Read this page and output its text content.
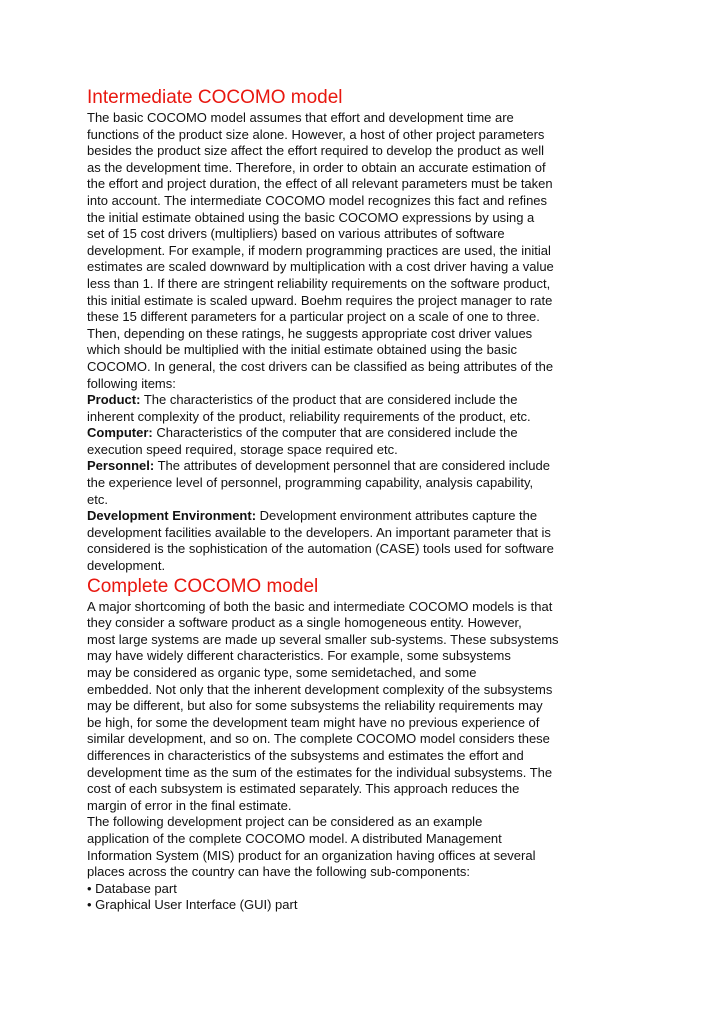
Intermediate COCOMO model
The basic COCOMO model assumes that effort and development time are
functions of the product size alone. However, a host of other project parameters
besides the product size affect the effort required to develop the product as well
as the development time. Therefore, in order to obtain an accurate estimation of
the effort and project duration, the effect of all relevant parameters must be taken
into account. The intermediate COCOMO model recognizes this fact and refines
the initial estimate obtained using the basic COCOMO expressions by using a
set of 15 cost drivers (multipliers) based on various attributes of software
development. For example, if modern programming practices are used, the initial
estimates are scaled downward by multiplication with a cost driver having a value
less than 1. If there are stringent reliability requirements on the software product,
this initial estimate is scaled upward. Boehm requires the project manager to rate
these 15 different parameters for a particular project on a scale of one to three.
Then, depending on these ratings, he suggests appropriate cost driver values
which should be multiplied with the initial estimate obtained using the basic
COCOMO. In general, the cost drivers can be classified as being attributes of the
following items:
Product: The characteristics of the product that are considered include the
inherent complexity of the product, reliability requirements of the product, etc.
Computer: Characteristics of the computer that are considered include the
execution speed required, storage space required etc.
Personnel: The attributes of development personnel that are considered include
the experience level of personnel, programming capability, analysis capability,
etc.
Development Environment: Development environment attributes capture the
development facilities available to the developers. An important parameter that is
considered is the sophistication of the automation (CASE) tools used for software
development.
Complete COCOMO model
A major shortcoming of both the basic and intermediate COCOMO models is that
they consider a software product as a single homogeneous entity. However,
most large systems are made up several smaller sub-systems. These subsystems
may have widely different characteristics. For example, some subsystems
may be considered as organic type, some semidetached, and some
embedded. Not only that the inherent development complexity of the subsystems
may be different, but also for some subsystems the reliability requirements may
be high, for some the development team might have no previous experience of
similar development, and so on. The complete COCOMO model considers these
differences in characteristics of the subsystems and estimates the effort and
development time as the sum of the estimates for the individual subsystems. The
cost of each subsystem is estimated separately. This approach reduces the
margin of error in the final estimate.
The following development project can be considered as an example
application of the complete COCOMO model. A distributed Management
Information System (MIS) product for an organization having offices at several
places across the country can have the following sub-components:
• Database part
• Graphical User Interface (GUI) part
